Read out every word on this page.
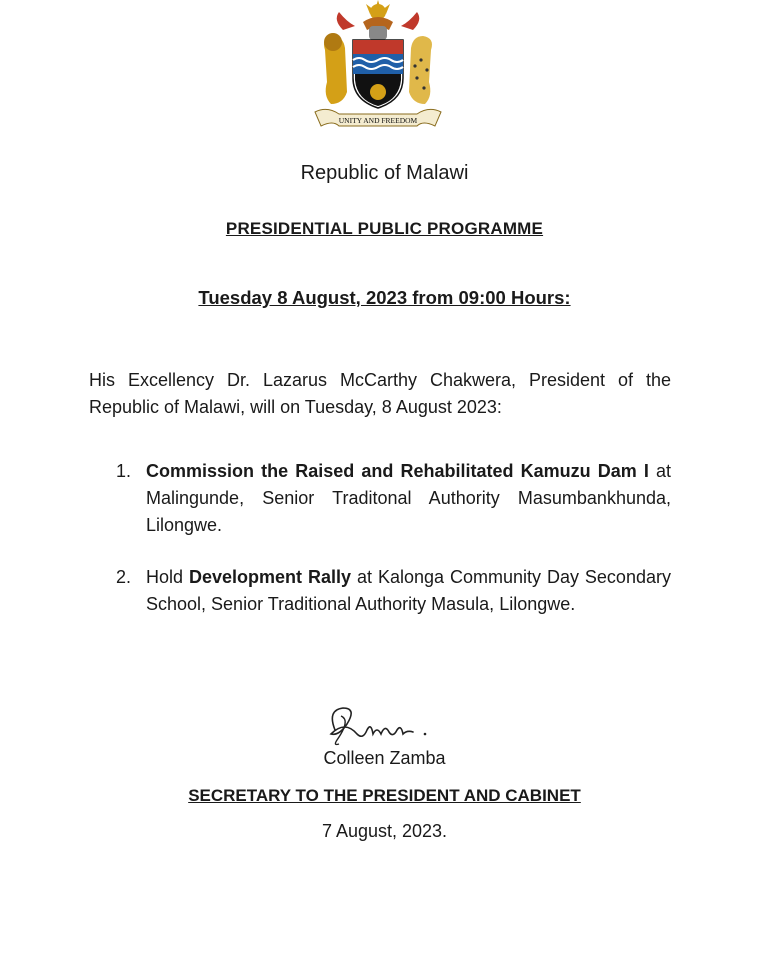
UNITY AND FREEDOM
Republic of Malawi
PRESIDENTIAL PUBLIC PROGRAMME
Tuesday 8 August, 2023 from 09:00 Hours:
His Excellency Dr. Lazarus McCarthy Chakwera, President of the Republic of Malawi, will on Tuesday, 8 August 2023:
1. Commission the Raised and Rehabilitated Kamuzu Dam I at Malingunde, Senior Traditonal Authority Masumbankhunda, Lilongwe.
2. Hold Development Rally at Kalonga Community Day Secondary School, Senior Traditional Authority Masula, Lilongwe.
Colleen Zamba
SECRETARY TO THE PRESIDENT AND CABINET
7 August, 2023.
